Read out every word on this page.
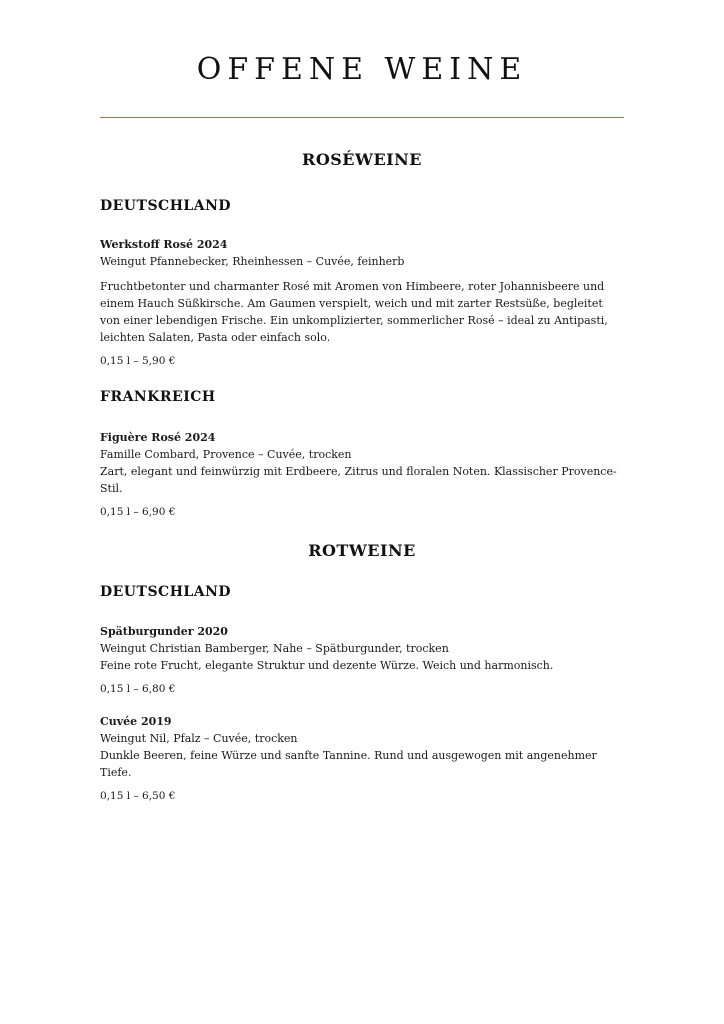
OFFENE WEINE
ROSÉWEINE
DEUTSCHLAND
Werkstoff Rosé 2024
Weingut Pfannebecker, Rheinhessen – Cuvée, feinherb
Fruchtbetonter und charmanter Rosé mit Aromen von Himbeere, roter Johannisbeere und einem Hauch Süßkirsche. Am Gaumen verspielt, weich und mit zarter Restsüße, begleitet von einer lebendigen Frische. Ein unkomplizierter, sommerlicher Rosé – ideal zu Antipasti, leichten Salaten, Pasta oder einfach solo.
0,15 l – 5,90 €
FRANKREICH
Figuère Rosé 2024
Famille Combard, Provence – Cuvée, trocken
Zart, elegant und feinwürzig mit Erdbeere, Zitrus und floralen Noten. Klassischer Provence-Stil.
0,15 l – 6,90 €
ROTWEINE
DEUTSCHLAND
Spätburgunder 2020
Weingut Christian Bamberger, Nahe – Spätburgunder, trocken
Feine rote Frucht, elegante Struktur und dezente Würze. Weich und harmonisch.
0,15 l – 6,80 €
Cuvée 2019
Weingut Nil, Pfalz – Cuvée, trocken
Dunkle Beeren, feine Würze und sanfte Tannine. Rund und ausgewogen mit angenehmer Tiefe.
0,15 l – 6,50 €
